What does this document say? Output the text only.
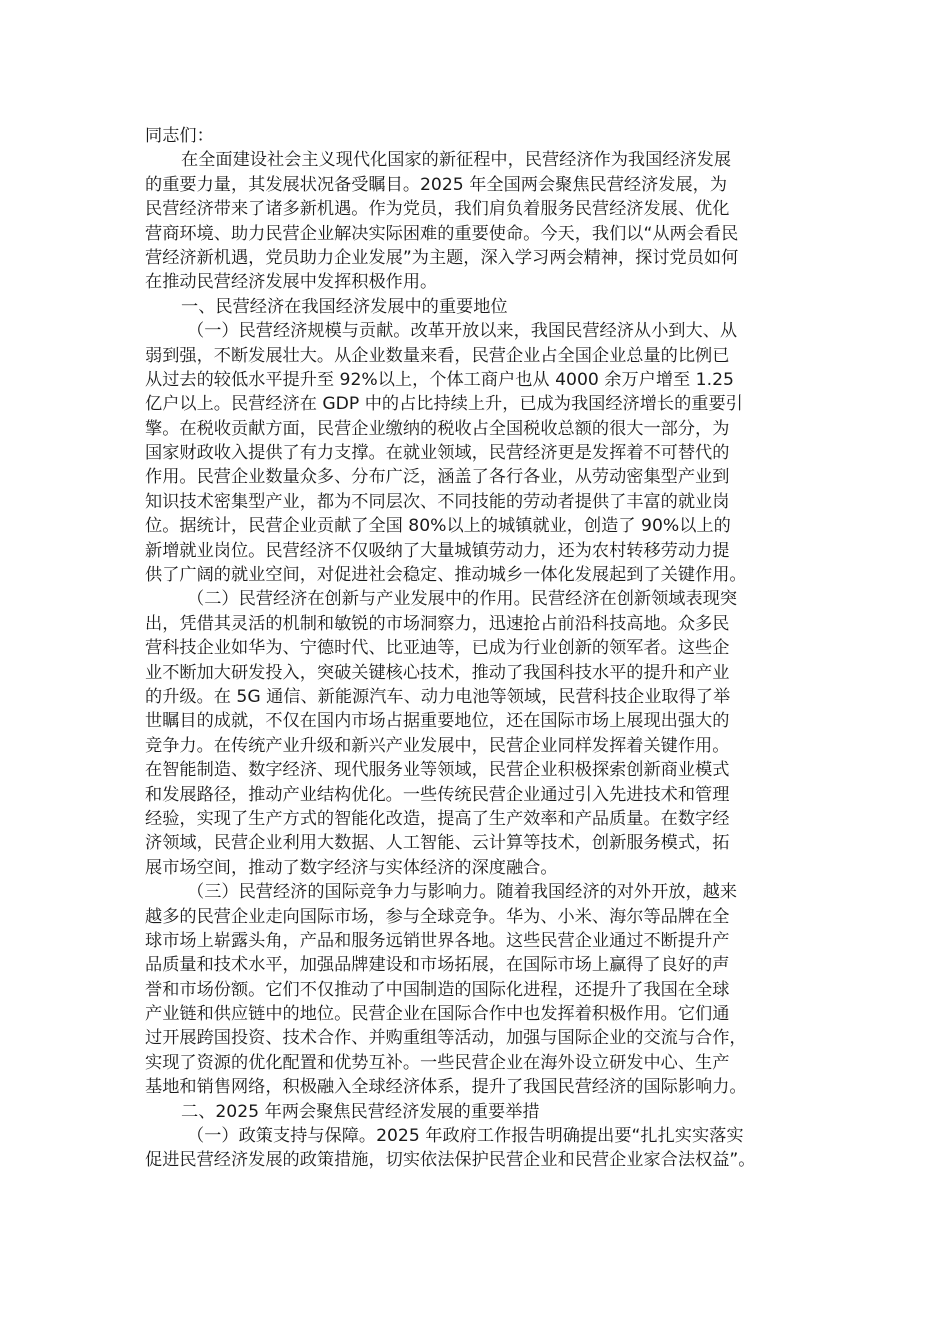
同志们：
在全面建设社会主义现代化国家的新征程中，民营经济作为我国经济发展
的重要力量，其发展状况备受瞩目。2025 年全国两会聚焦民营经济发展，为
民营经济带来了诸多新机遇。作为党员，我们肩负着服务民营经济发展、优化
营商环境、助力民营企业解决实际困难的重要使命。今天，我们以“从两会看民
营经济新机遇，党员助力企业发展”为主题，深入学习两会精神，探讨党员如何
在推动民营经济发展中发挥积极作用。
一、民营经济在我国经济发展中的重要地位
（一）民营经济规模与贡献。改革开放以来，我国民营经济从小到大、从
弱到强，不断发展壮大。从企业数量来看，民营企业占全国企业总量的比例已
从过去的较低水平提升至 92%以上，个体工商户也从 4000 余万户增至 1.25
亿户以上。民营经济在 GDP 中的占比持续上升，已成为我国经济增长的重要引
擎。在税收贡献方面，民营企业缴纳的税收占全国税收总额的很大一部分，为
国家财政收入提供了有力支撑。在就业领域，民营经济更是发挥着不可替代的
作用。民营企业数量众多、分布广泛，涵盖了各行各业，从劳动密集型产业到
知识技术密集型产业，都为不同层次、不同技能的劳动者提供了丰富的就业岗
位。据统计，民营企业贡献了全国 80%以上的城镇就业，创造了 90%以上的
新增就业岗位。民营经济不仅吸纳了大量城镇劳动力，还为农村转移劳动力提
供了广阔的就业空间，对促进社会稳定、推动城乡一体化发展起到了关键作用。
（二）民营经济在创新与产业发展中的作用。民营经济在创新领域表现突
出，凭借其灵活的机制和敏锐的市场洞察力，迅速抢占前沿科技高地。众多民
营科技企业如华为、宁德时代、比亚迪等，已成为行业创新的领军者。这些企
业不断加大研发投入，突破关键核心技术，推动了我国科技水平的提升和产业
的升级。在 5G 通信、新能源汽车、动力电池等领域，民营科技企业取得了举
世瞩目的成就，不仅在国内市场占据重要地位，还在国际市场上展现出强大的
竞争力。在传统产业升级和新兴产业发展中，民营企业同样发挥着关键作用。
在智能制造、数字经济、现代服务业等领域，民营企业积极探索创新商业模式
和发展路径，推动产业结构优化。一些传统民营企业通过引入先进技术和管理
经验，实现了生产方式的智能化改造，提高了生产效率和产品质量。在数字经
济领域，民营企业利用大数据、人工智能、云计算等技术，创新服务模式，拓
展市场空间，推动了数字经济与实体经济的深度融合。
（三）民营经济的国际竞争力与影响力。随着我国经济的对外开放，越来
越多的民营企业走向国际市场，参与全球竞争。华为、小米、海尔等品牌在全
球市场上崭露头角，产品和服务远销世界各地。这些民营企业通过不断提升产
品质量和技术水平，加强品牌建设和市场拓展，在国际市场上赢得了良好的声
誉和市场份额。它们不仅推动了中国制造的国际化进程，还提升了我国在全球
产业链和供应链中的地位。民营企业在国际合作中也发挥着积极作用。它们通
过开展跨国投资、技术合作、并购重组等活动，加强与国际企业的交流与合作，
实现了资源的优化配置和优势互补。一些民营企业在海外设立研发中心、生产
基地和销售网络，积极融入全球经济体系，提升了我国民营经济的国际影响力。
二、2025 年两会聚焦民营经济发展的重要举措
（一）政策支持与保障。2025 年政府工作报告明确提出要“扎扎实实落实
促进民营经济发展的政策措施，切实依法保护民营企业和民营企业家合法权益”。
